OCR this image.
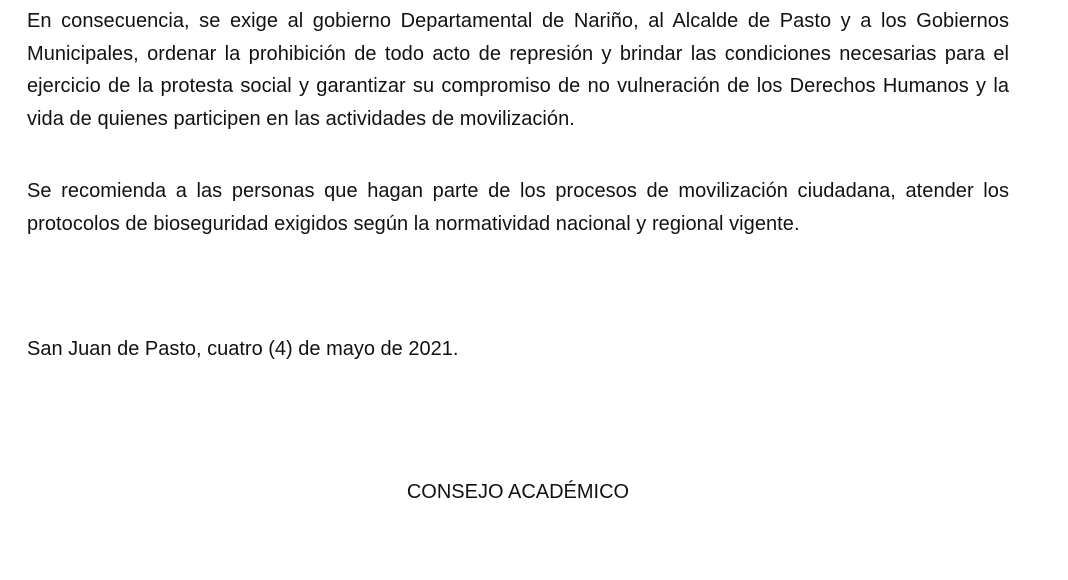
En consecuencia, se exige al gobierno Departamental de Nariño, al Alcalde de Pasto y a los Gobiernos Municipales, ordenar la prohibición de todo acto de represión y brindar las condiciones necesarias para el ejercicio de la protesta social y garantizar su compromiso de no vulneración de los Derechos Humanos y la vida de quienes participen en las actividades de movilización.

Se recomienda a las personas que hagan parte de los procesos de movilización ciudadana, atender los protocolos de bioseguridad exigidos según la normatividad nacional y regional vigente.

San Juan de Pasto, cuatro (4) de mayo de 2021.

CONSEJO ACADÉMICO
